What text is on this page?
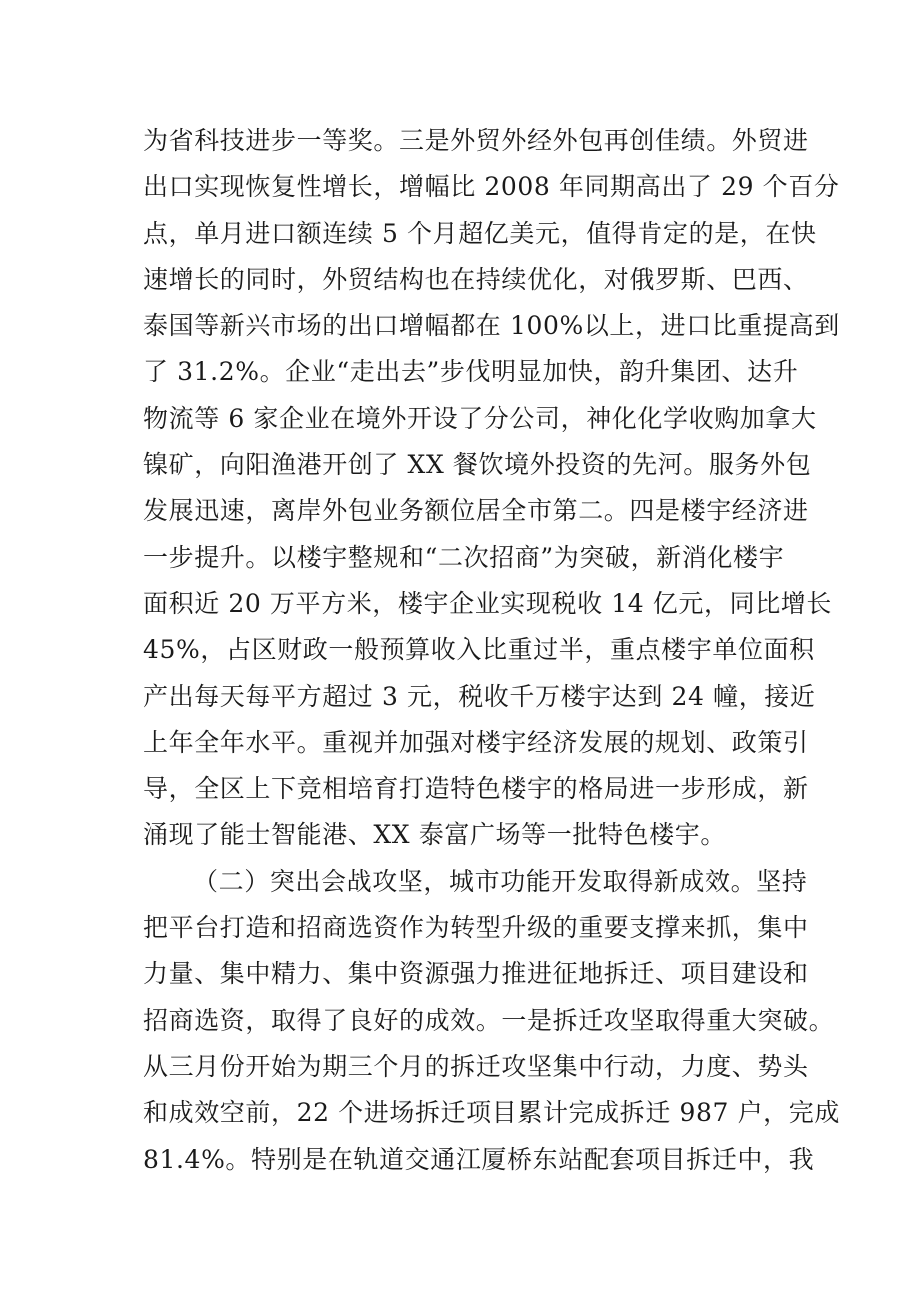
为省科技进步一等奖。三是外贸外经外包再创佳绩。外贸进
出口实现恢复性增长，增幅比 2008 年同期高出了 29 个百分
点，单月进口额连续 5 个月超亿美元，值得肯定的是，在快
速增长的同时，外贸结构也在持续优化，对俄罗斯、巴西、
泰国等新兴市场的出口增幅都在 100%以上，进口比重提高到
了 31.2%。企业“走出去”步伐明显加快，韵升集团、达升
物流等 6 家企业在境外开设了分公司，神化化学收购加拿大
镍矿，向阳渔港开创了 XX 餐饮境外投资的先河。服务外包
发展迅速，离岸外包业务额位居全市第二。四是楼宇经济进
一步提升。以楼宇整规和“二次招商”为突破，新消化楼宇
面积近 20 万平方米，楼宇企业实现税收 14 亿元，同比增长
45%，占区财政一般预算收入比重过半，重点楼宇单位面积
产出每天每平方超过 3 元，税收千万楼宇达到 24 幢，接近
上年全年水平。重视并加强对楼宇经济发展的规划、政策引
导，全区上下竞相培育打造特色楼宇的格局进一步形成，新
涌现了能士智能港、XX 泰富广场等一批特色楼宇。
（二）突出会战攻坚，城市功能开发取得新成效。坚持
把平台打造和招商选资作为转型升级的重要支撑来抓，集中
力量、集中精力、集中资源强力推进征地拆迁、项目建设和
招商选资，取得了良好的成效。一是拆迁攻坚取得重大突破。
从三月份开始为期三个月的拆迁攻坚集中行动，力度、势头
和成效空前，22 个进场拆迁项目累计完成拆迁 987 户，完成
81.4%。特别是在轨道交通江厦桥东站配套项目拆迁中，我
